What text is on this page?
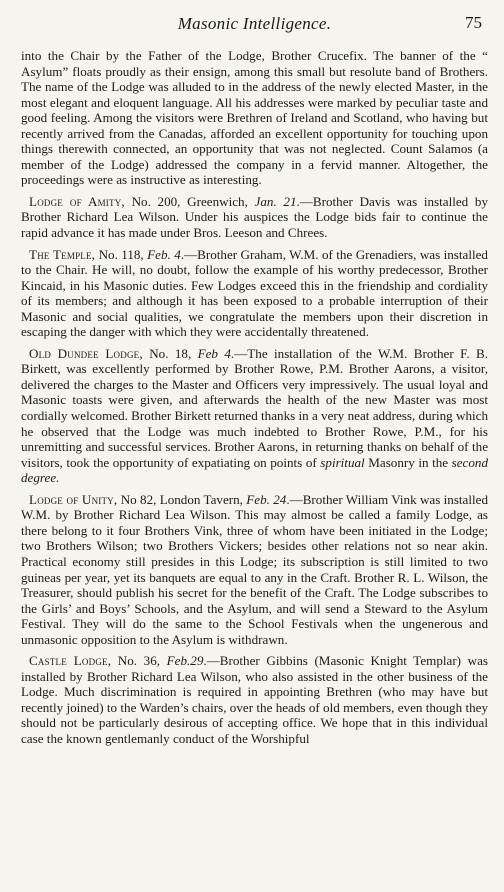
Masonic Intelligence.	75

into the Chair by the Father of the Lodge, Brother Crucefix. The banner of the “ Asylum” floats proudly as their ensign, among this small but resolute band of Brothers. The name of the Lodge was alluded to in the address of the newly elected Master, in the most elegant and eloquent language. All his addresses were marked by peculiar taste and good feeling. Among the visitors were Brethren of Ireland and Scotland, who having but recently arrived from the Canadas, afforded an excellent opportunity for touching upon things therewith connected, an opportunity that was not neglected. Count Salamos (a member of the Lodge) addressed the company in a fervid manner. Altogether, the proceedings were as instructive as interesting.

Lodge of Amity, No. 200, Greenwich, Jan. 21.—Brother Davis was installed by Brother Richard Lea Wilson. Under his auspices the Lodge bids fair to continue the rapid advance it has made under Bros. Leeson and Chrees.

The Temple, No. 118, Feb. 4.—Brother Graham, W.M. of the Grenadiers, was installed to the Chair. He will, no doubt, follow the example of his worthy predecessor, Brother Kincaid, in his Masonic duties. Few Lodges exceed this in the friendship and cordiality of its members; and although it has been exposed to a probable interruption of their Masonic and social qualities, we congratulate the members upon their discretion in escaping the danger with which they were accidentally threatened.

Old Dundee Lodge, No. 18, Feb 4.—The installation of the W.M. Brother F. B. Birkett, was excellently performed by Brother Rowe, P.M. Brother Aarons, a visitor, delivered the charges to the Master and Officers very impressively. The usual loyal and Masonic toasts were given, and afterwards the health of the new Master was most cordially welcomed. Brother Birkett returned thanks in a very neat address, during which he observed that the Lodge was much indebted to Brother Rowe, P.M., for his unremitting and successful services. Brother Aarons, in returning thanks on behalf of the visitors, took the opportunity of expatiating on points of spiritual Masonry in the second degree.

Lodge of Unity, No 82, London Tavern, Feb. 24.—Brother William Vink was installed W.M. by Brother Richard Lea Wilson. This may almost be called a family Lodge, as there belong to it four Brothers Vink, three of whom have been initiated in the Lodge; two Brothers Wilson; two Brothers Vickers; besides other relations not so near akin. Practical economy still presides in this Lodge; its subscription is still limited to two guineas per year, yet its banquets are equal to any in the Craft. Brother R. L. Wilson, the Treasurer, should publish his secret for the benefit of the Craft. The Lodge subscribes to the Girls’ and Boys’ Schools, and the Asylum, and will send a Steward to the Asylum Festival. They will do the same to the School Festivals when the ungenerous and unmasonic opposition to the Asylum is withdrawn.

Castle Lodge, No. 36, Feb.29.—Brother Gibbins (Masonic Knight Templar) was installed by Brother Richard Lea Wilson, who also assisted in the other business of the Lodge. Much discrimination is required in appointing Brethren (who may have but recently joined) to the Warden’s chairs, over the heads of old members, even though they should not be particularly desirous of accepting office. We hope that in this individual case the known gentlemanly conduct of the Worshipful
